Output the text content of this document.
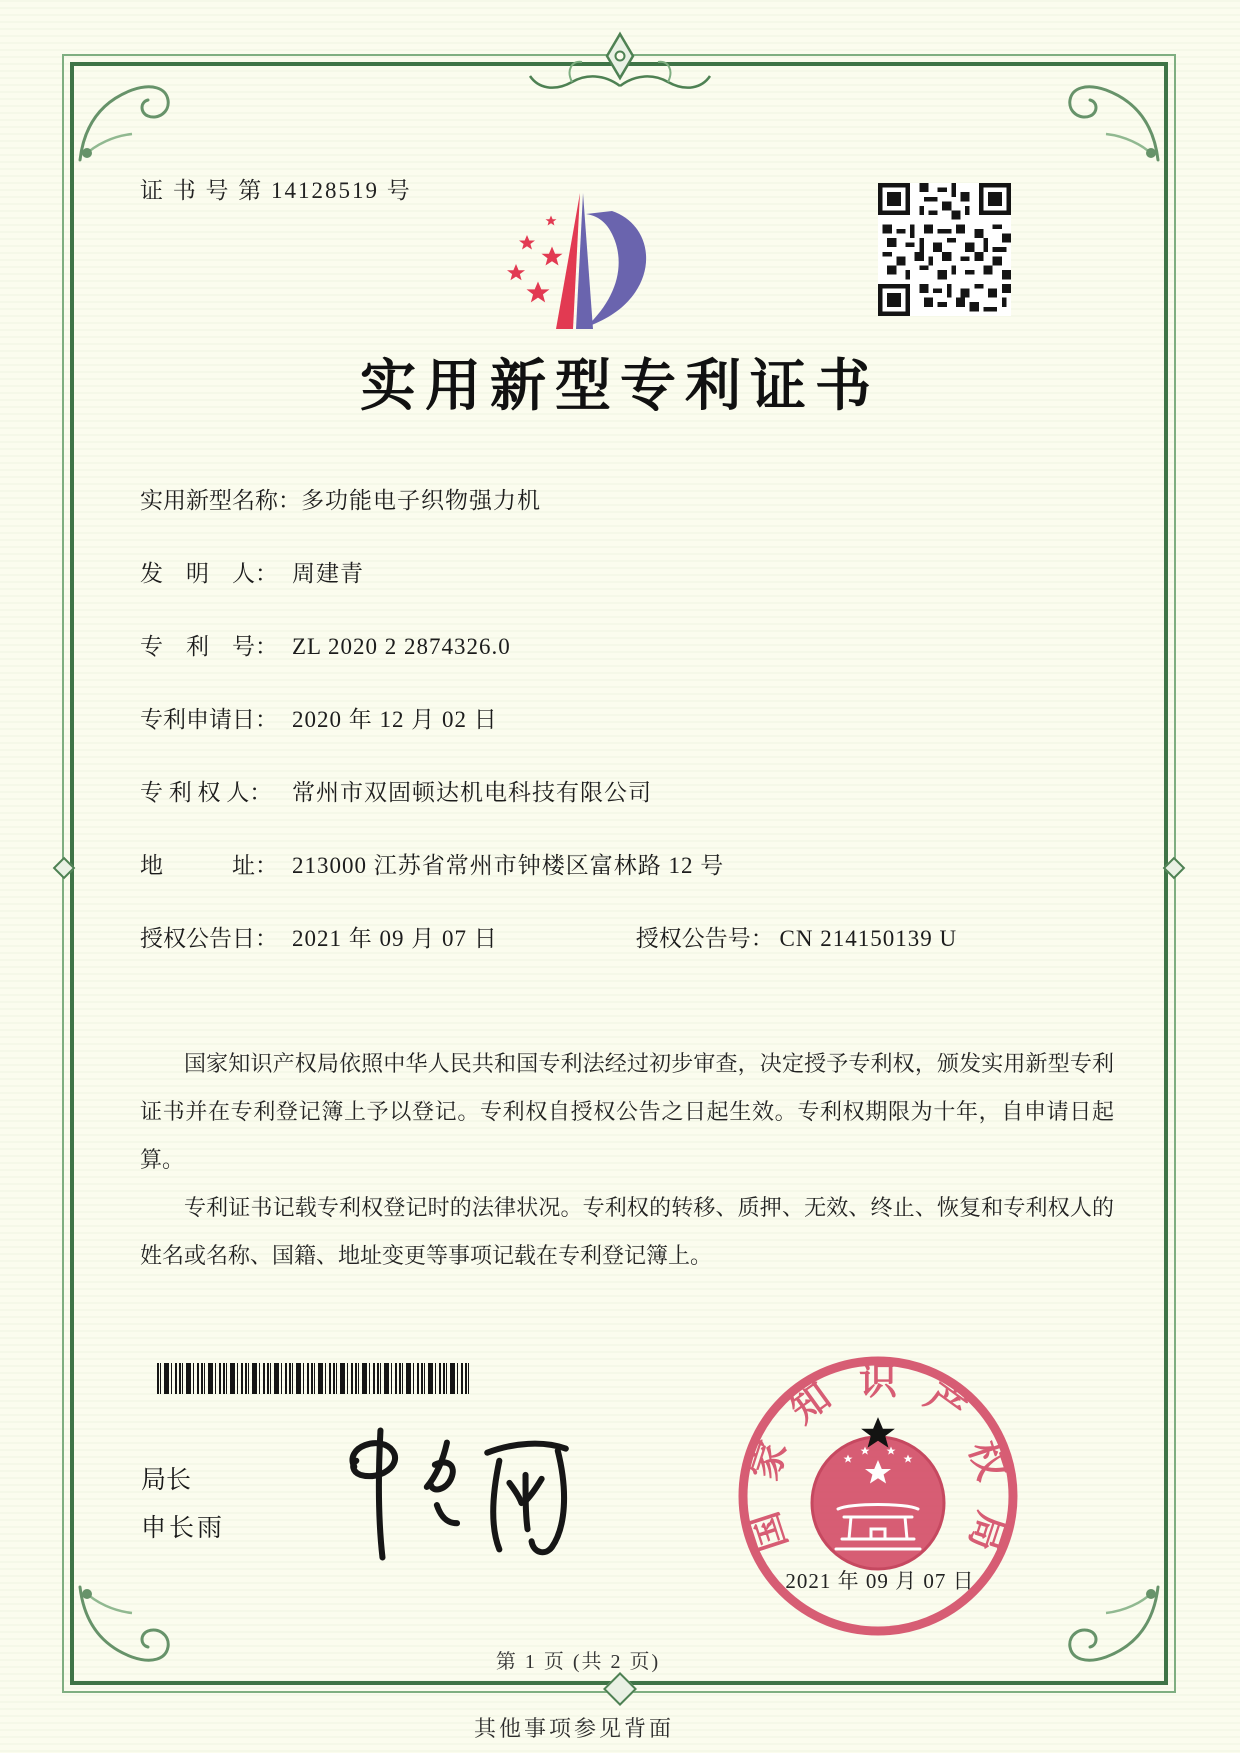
证 书 号 第 14128519 号
实用新型专利证书
实用新型名称： 多功能电子织物强力机
发　明　人： 周建青
专　利　号： ZL 2020 2 2874326.0
专利申请日： 2020 年 12 月 02 日
专 利 权 人： 常州市双固顿达机电科技有限公司
地　　　址： 213000 江苏省常州市钟楼区富林路 12 号
授权公告日： 2021 年 09 月 07 日	授权公告号： CN 214150139 U

国家知识产权局依照中华人民共和国专利法经过初步审查，决定授予专利权，颁发实用新型专利证书并在专利登记簿上予以登记。专利权自授权公告之日起生效。专利权期限为十年，自申请日起算。

专利证书记载专利权登记时的法律状况。专利权的转移、质押、无效、终止、恢复和专利权人的姓名或名称、国籍、地址变更等事项记载在专利登记簿上。

局长
申长雨	国
家
知 识 产
权
局
2021 年 09 月 07 日
第 1 页 (共 2 页)
其他事项参见背面
